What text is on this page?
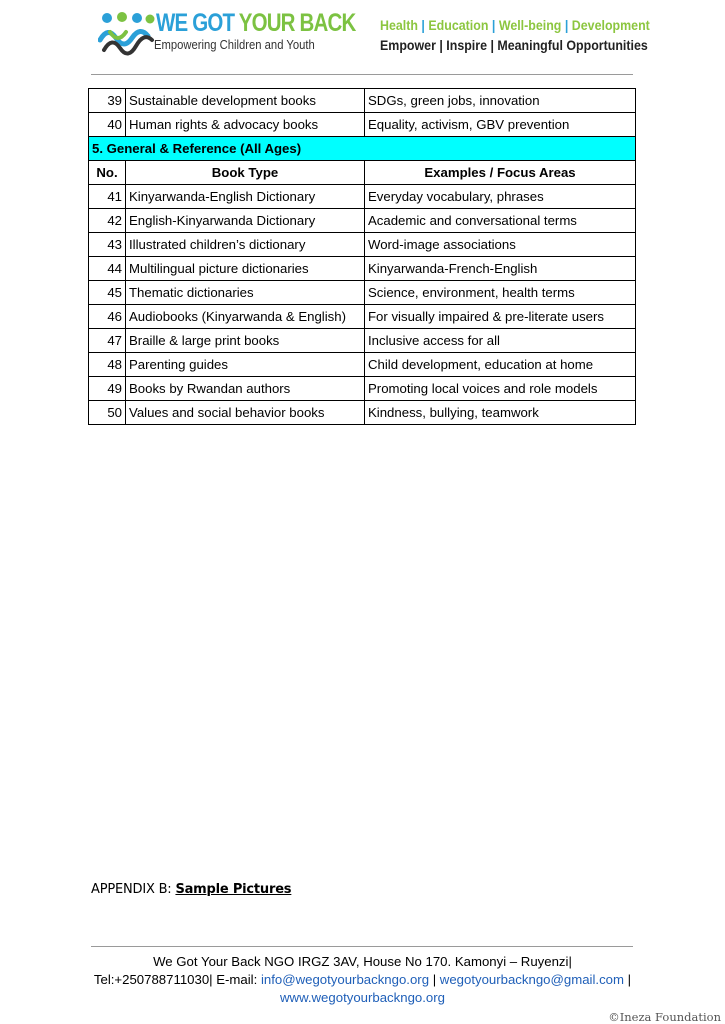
WE GOT YOUR BACK
Empowering Children and Youth
Health | Education | Well-being | Development
Empower | Inspire | Meaningful Opportunities
39	Sustainable development books	SDGs, green jobs, innovation
40	Human rights & advocacy books	Equality, activism, GBV prevention
5. General & Reference (All Ages)		
No.	Book Type	Examples / Focus Areas
41	Kinyarwanda-English Dictionary	Everyday vocabulary, phrases
42	English-Kinyarwanda Dictionary	Academic and conversational terms
43	Illustrated children’s dictionary	Word-image associations
44	Multilingual picture dictionaries	Kinyarwanda-French-English
45	Thematic dictionaries	Science, environment, health terms
46	Audiobooks (Kinyarwanda & English)	For visually impaired & pre-literate users
47	Braille & large print books	Inclusive access for all
48	Parenting guides	Child development, education at home
49	Books by Rwandan authors	Promoting local voices and role models
50	Values and social behavior books	Kindness, bullying, teamwork
APPENDIX B: Sample Pictures
We Got Your Back NGO IRGZ 3AV, House No 170. Kamonyi – Ruyenzi|
Tel:+250788711030| E-mail: info@wegotyourbackngo.org | wegotyourbackngo@gmail.com |
www.wegotyourbackngo.org
©Ineza Foundation
